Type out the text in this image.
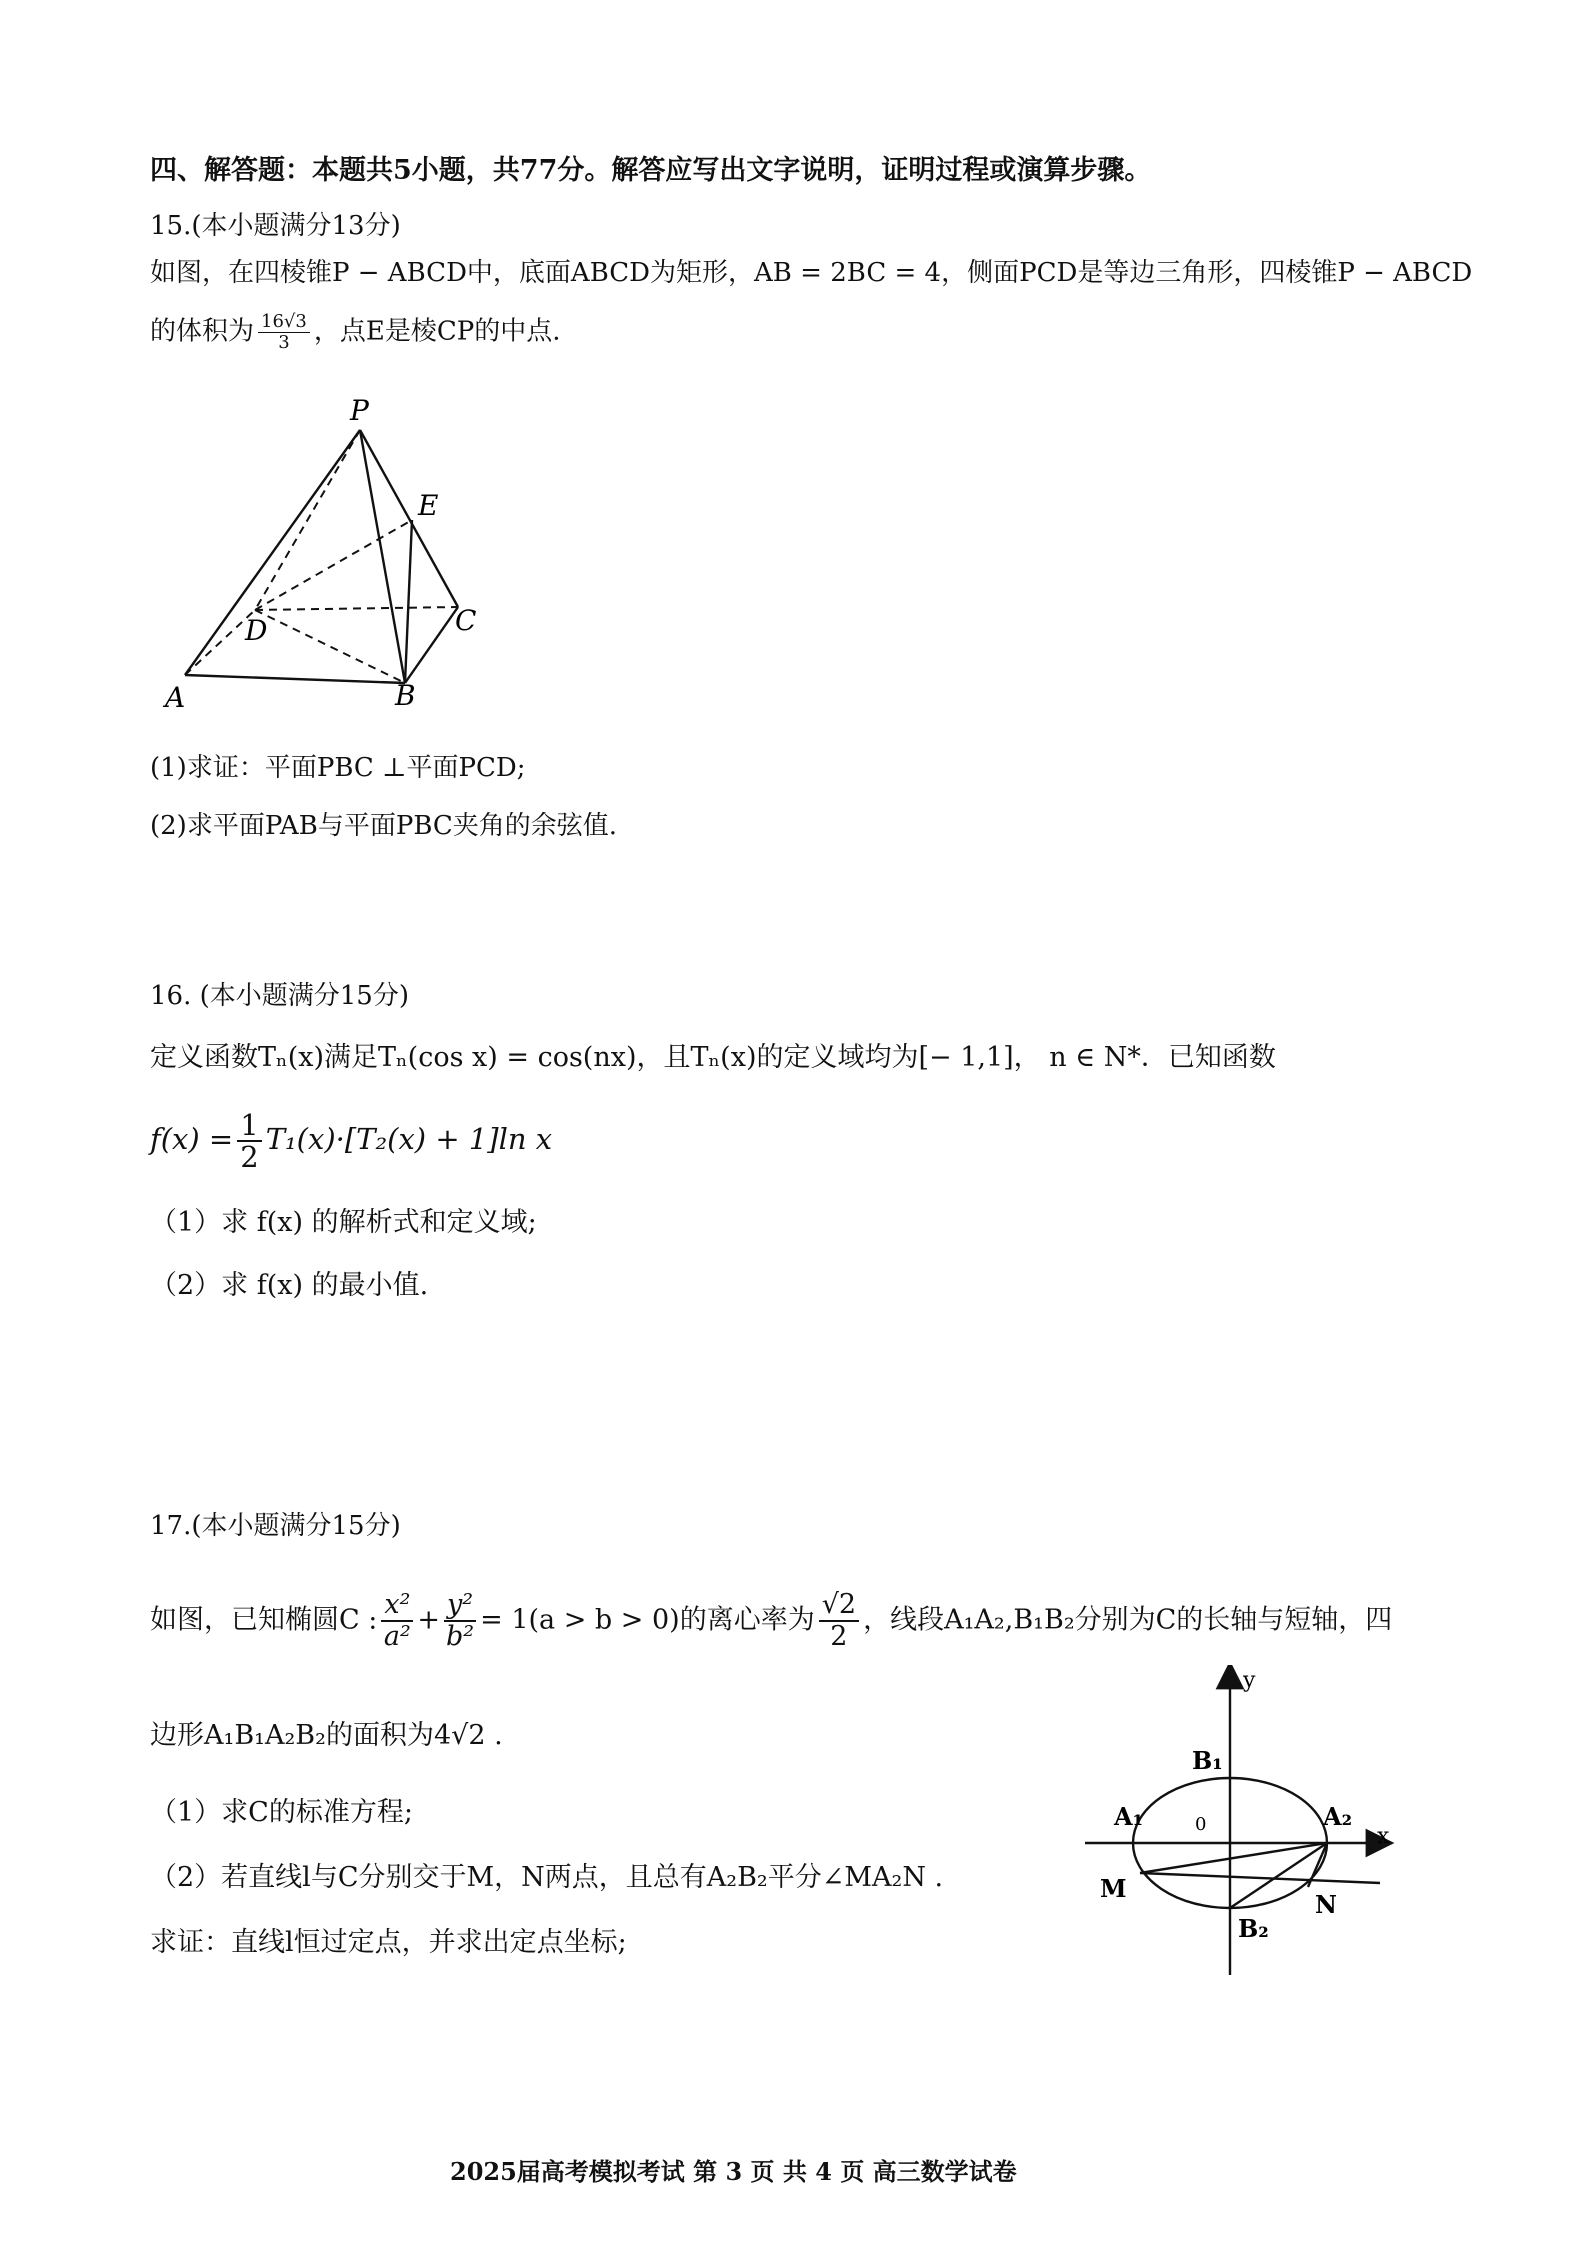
四、解答题：本题共5小题，共77分。解答应写出文字说明，证明过程或演算步骤。
15.(本小题满分13分)
如图，在四棱锥P − ABCD中，底面ABCD为矩形，AB = 2BC = 4，侧面PCD是等边三角形，四棱锥P − ABCD
的体积为 $\frac{16√3}{3}$ ，点E是棱CP的中点.
P
E
D	C
A	B
(1)求证：平面PBC ⊥平面PCD;
(2)求平面PAB与平面PBC夹角的余弦值.
16. (本小题满分15分)
定义函数Tₙ(x)满足Tₙ(cos x) = cos(nx)，且Tₙ(x)的定义域均为[− 1,1]， n ∈ N*．已知函数
$f(x) = \frac{1}{2} T_1(x)\cdot[T_2(x) + 1]\ln$ x
（1）求 f(x) 的解析式和定义域;
（2）求 f(x) 的最小值.
17.(本小题满分15分)
如图，已知椭圆C : $\frac{\text{x²}}{\text{a²}} + \frac{\text{y²}}{\text{b²}} = 1(a > b > 0)$的离心率为 $\frac{√2}{2}$ ，线段A₁A₂,B₁B₂分别为C的长轴与短轴，四
边形A₁B₁A₂B₂的面积为4√2 .
（1）求C的标准方程;
（2）若直线l与C分别交于M，N两点，且总有A₂B₂平分∠MA₂N .
求证：直线l恒过定点，并求出定点坐标;
y
x
B₁
A₁	0	A₂
M
N
B₂
2025届高考模拟考试 第 3 页 共 4 页 高三数学试卷
